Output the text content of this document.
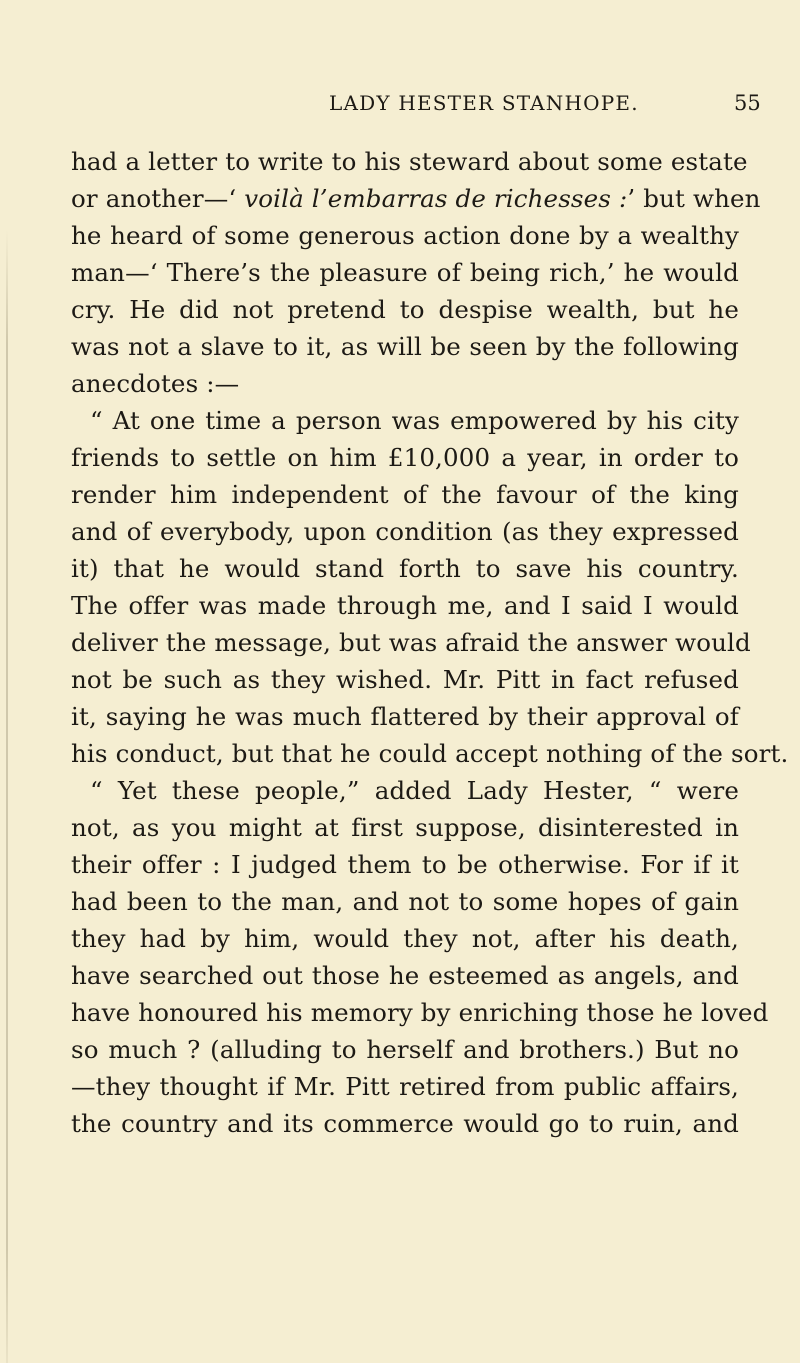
LADY HESTER STANHOPE.	55
had a letter to write to his steward about some estate
or another—‘ voilà l’embarras de richesses :’ but when
he heard of some generous action done by a wealthy
man—‘ There’s the pleasure of being rich,’ he would
cry. He did not pretend to despise wealth, but he
was not a slave to it, as will be seen by the following
anecdotes :—
“ At one time a person was empowered by his city
friends to settle on him £10,000 a year, in order to
render him independent of the favour of the king
and of everybody, upon condition (as they expressed
it) that he would stand forth to save his country.
The offer was made through me, and I said I would
deliver the message, but was afraid the answer would
not be such as they wished. Mr. Pitt in fact refused
it, saying he was much flattered by their approval of
his conduct, but that he could accept nothing of the sort.
“ Yet these people,” added Lady Hester, “ were
not, as you might at first suppose, disinterested in
their offer : I judged them to be otherwise. For if it
had been to the man, and not to some hopes of gain
they had by him, would they not, after his death,
have searched out those he esteemed as angels, and
have honoured his memory by enriching those he loved
so much ? (alluding to herself and brothers.) But no
—they thought if Mr. Pitt retired from public affairs,
the country and its commerce would go to ruin, and
